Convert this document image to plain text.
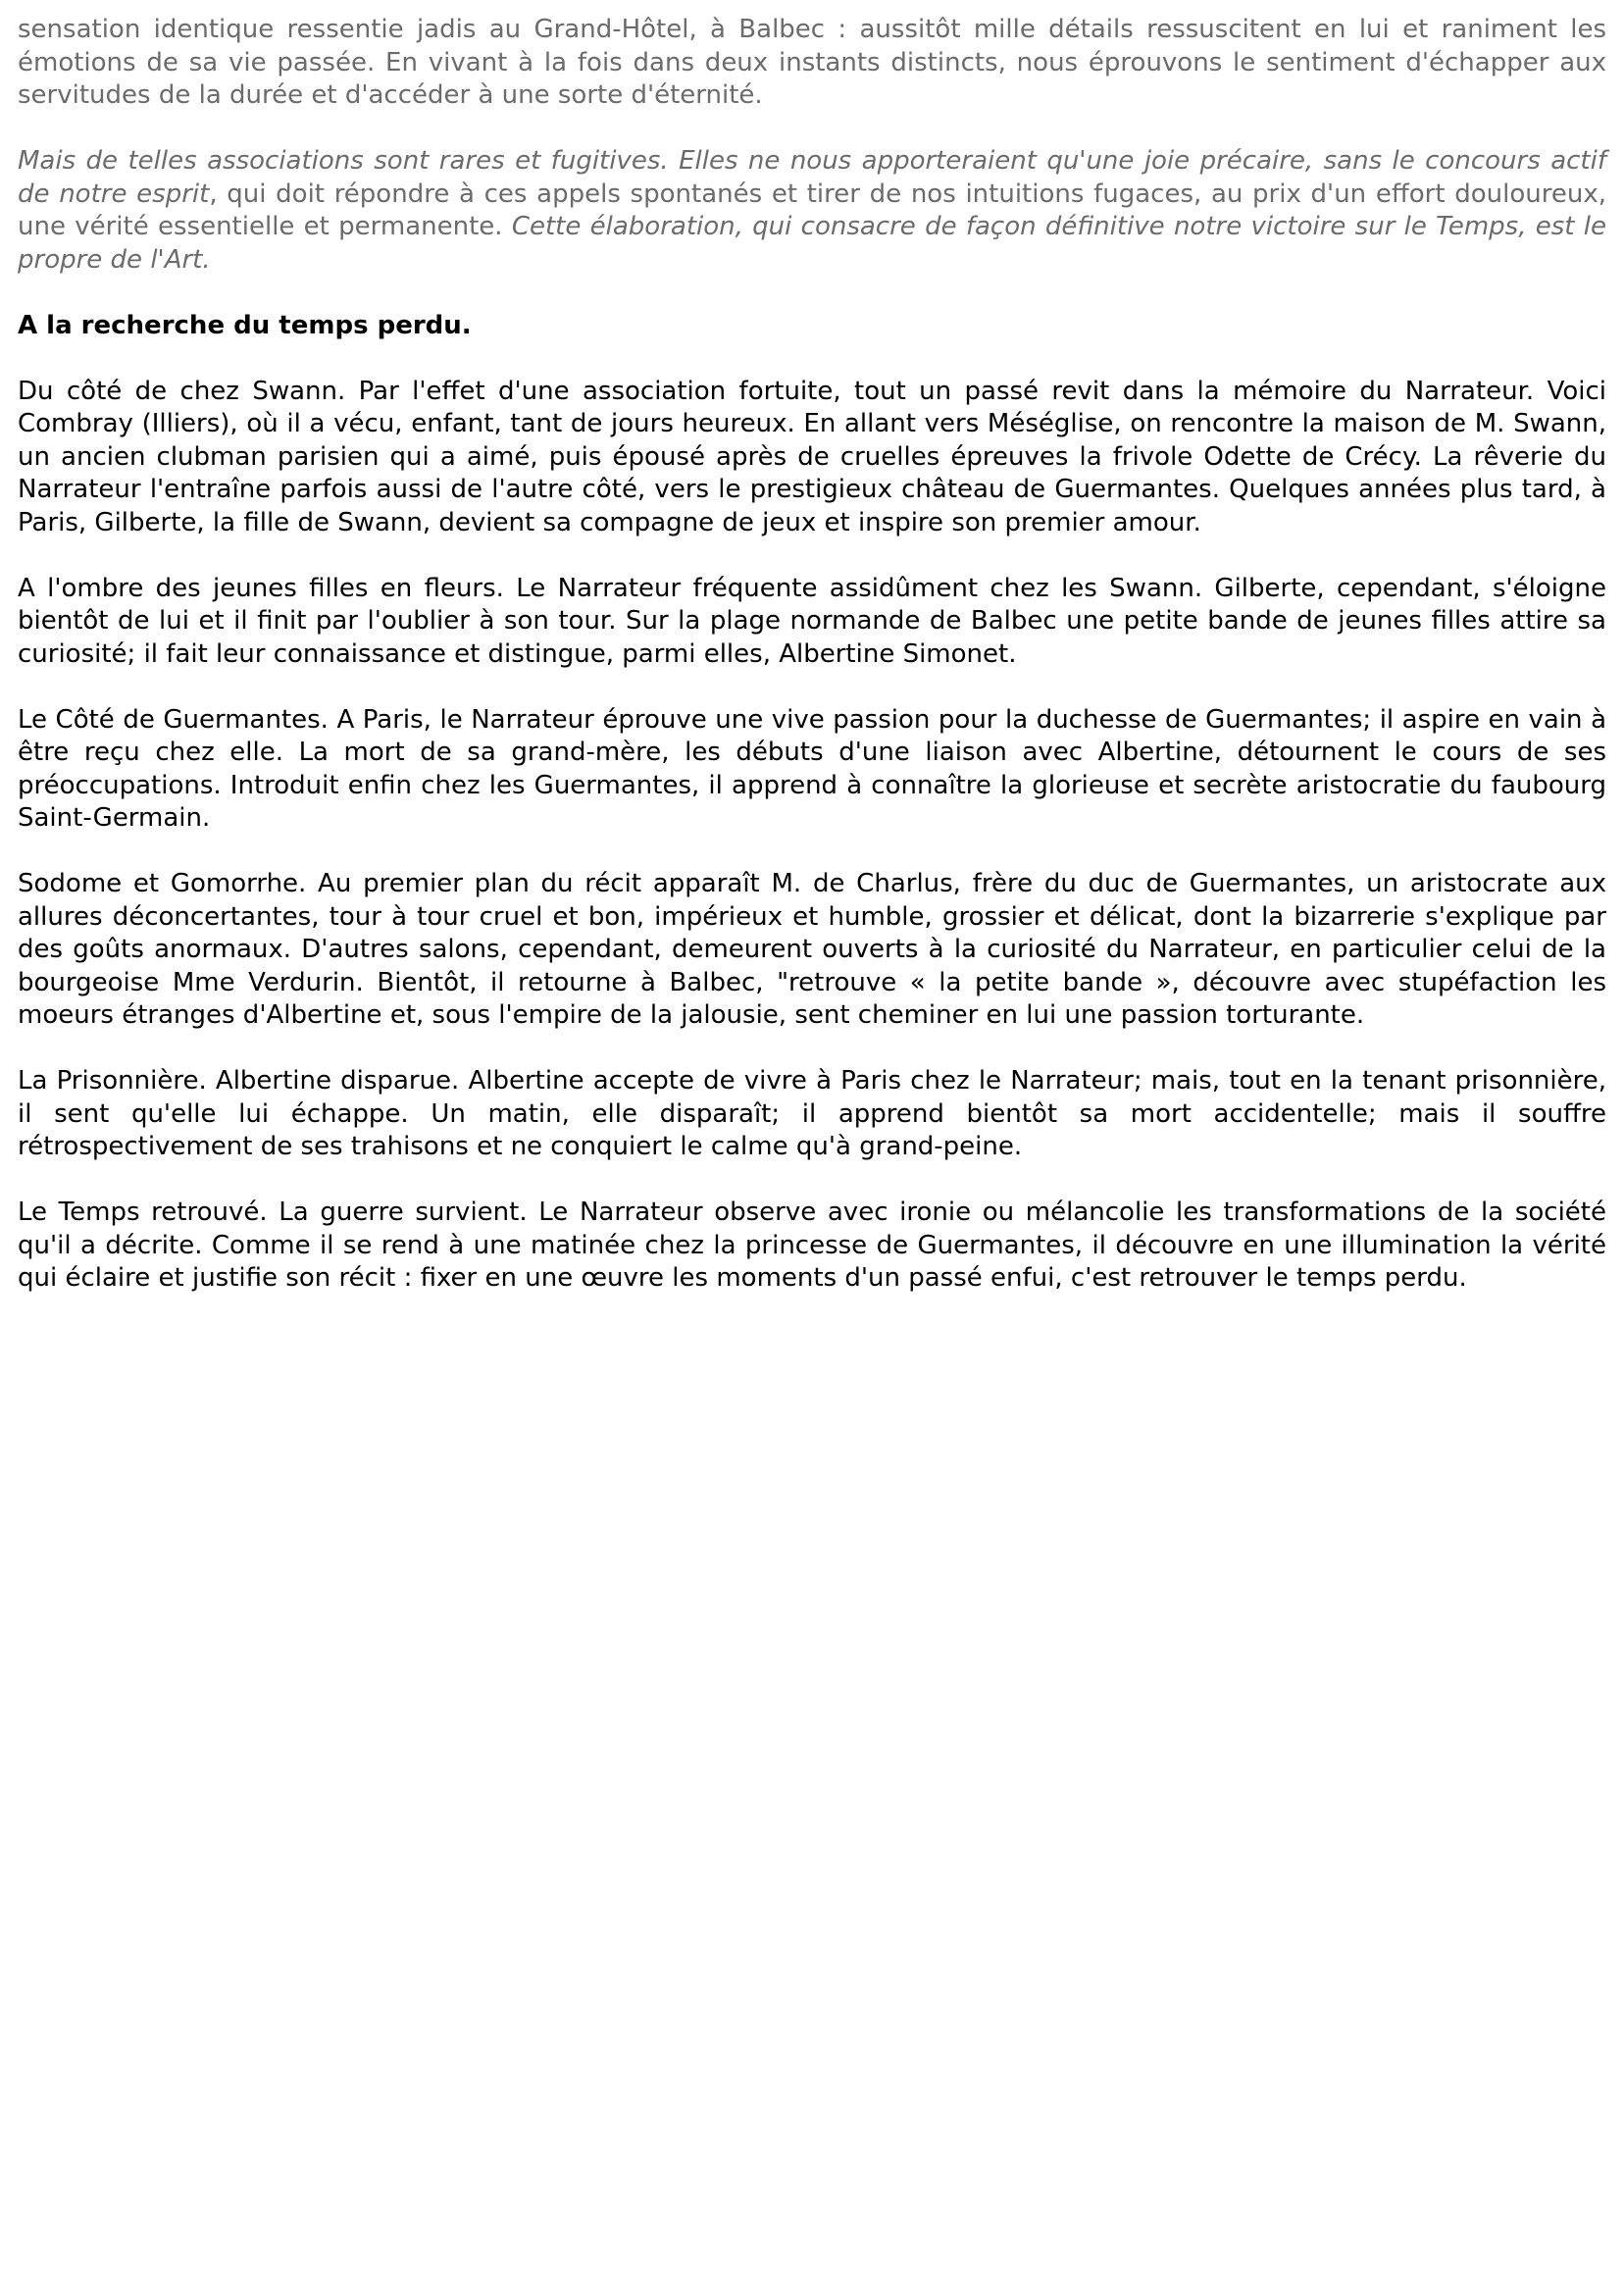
sensation identique ressentie jadis au Grand-Hôtel, à Balbec : aussitôt mille détails ressuscitent en lui et raniment les émotions de sa vie passée. En vivant à la fois dans deux instants distincts, nous éprouvons le sentiment d'échapper aux servitudes de la durée et d'accéder à une sorte d'éternité.

Mais de telles associations sont rares et fugitives. Elles ne nous apporteraient qu'une joie précaire, sans le concours actif de notre esprit, qui doit répondre à ces appels spontanés et tirer de nos intuitions fugaces, au prix d'un effort douloureux, une vérité essentielle et permanente. Cette élaboration, qui consacre de façon définitive notre victoire sur le Temps, est le propre de l'Art.

A la recherche du temps perdu.

Du côté de chez Swann. Par l'effet d'une association fortuite, tout un passé revit dans la mémoire du Narrateur. Voici Combray (Illiers), où il a vécu, enfant, tant de jours heureux. En allant vers Méséglise, on rencontre la maison de M. Swann, un ancien clubman parisien qui a aimé, puis épousé après de cruelles épreuves la frivole Odette de Crécy. La rêverie du Narrateur l'entraîne parfois aussi de l'autre côté, vers le prestigieux château de Guermantes. Quelques années plus tard, à Paris, Gilberte, la fille de Swann, devient sa compagne de jeux et inspire son premier amour.

A l'ombre des jeunes filles en fleurs. Le Narrateur fréquente assidûment chez les Swann. Gilberte, cependant, s'éloigne bientôt de lui et il finit par l'oublier à son tour. Sur la plage normande de Balbec une petite bande de jeunes filles attire sa curiosité; il fait leur connaissance et distingue, parmi elles, Albertine Simonet.

Le Côté de Guermantes. A Paris, le Narrateur éprouve une vive passion pour la duchesse de Guermantes; il aspire en vain à être reçu chez elle. La mort de sa grand-mère, les débuts d'une liaison avec Albertine, détournent le cours de ses préoccupations. Introduit enfin chez les Guermantes, il apprend à connaître la glorieuse et secrète aristocratie du faubourg Saint-Germain.

Sodome et Gomorrhe. Au premier plan du récit apparaît M. de Charlus, frère du duc de Guermantes, un aristocrate aux allures déconcertantes, tour à tour cruel et bon, impérieux et humble, grossier et délicat, dont la bizarrerie s'explique par des goûts anormaux. D'autres salons, cependant, demeurent ouverts à la curiosité du Narrateur, en particulier celui de la bourgeoise Mme Verdurin. Bientôt, il retourne à Balbec, "retrouve « la petite bande », découvre avec stupéfaction les moeurs étranges d'Albertine et, sous l'empire de la jalousie, sent cheminer en lui une passion torturante.

La Prisonnière. Albertine disparue. Albertine accepte de vivre à Paris chez le Narrateur; mais, tout en la tenant prisonnière, il sent qu'elle lui échappe. Un matin, elle disparaît; il apprend bientôt sa mort accidentelle; mais il souffre rétrospectivement de ses trahisons et ne conquiert le calme qu'à grand-peine.

Le Temps retrouvé. La guerre survient. Le Narrateur observe avec ironie ou mélancolie les transformations de la société qu'il a décrite. Comme il se rend à une matinée chez la princesse de Guermantes, il découvre en une illumination la vérité qui éclaire et justifie son récit : fixer en une œuvre les moments d'un passé enfui, c'est retrouver le temps perdu.
